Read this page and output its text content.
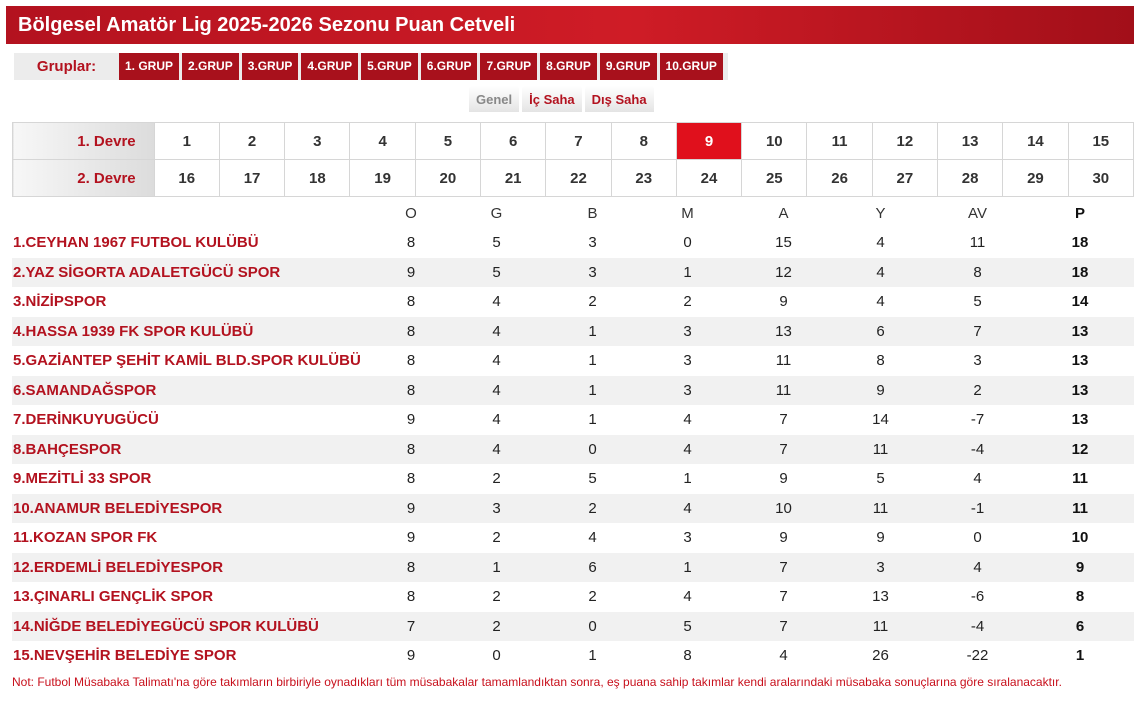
Bölgesel Amatör Lig 2025-2026 Sezonu Puan Cetveli
Gruplar:	1. GRUP	2.GRUP	3.GRUP	4.GRUP	5.GRUP	6.GRUP	7.GRUP	8.GRUP	9.GRUP	10.GRUP
Genel	İç Saha	Dış Saha
1. Devre	1	2	3	4	5	6	7	8	9	10	11	12	13	14	15
2. Devre	16	17	18	19	20	21	22	23	24	25	26	27	28	29	30
	O	G	B	M	A	Y	AV	P
1.CEYHAN 1967 FUTBOL KULÜBÜ	8	5	3	0	15	4	11	18
2.YAZ SİGORTA ADALETGÜCÜ SPOR	9	5	3	1	12	4	8	18
3.NİZİPSPOR	8	4	2	2	9	4	5	14
4.HASSA 1939 FK SPOR KULÜBÜ	8	4	1	3	13	6	7	13
5.GAZİANTEP ŞEHİT KAMİL BLD.SPOR KULÜBÜ	8	4	1	3	11	8	3	13
6.SAMANDAĞSPOR	8	4	1	3	11	9	2	13
7.DERİNKUYUGÜCÜ	9	4	1	4	7	14	-7	13
8.BAHÇESPOR	8	4	0	4	7	11	-4	12
9.MEZİTLİ 33 SPOR	8	2	5	1	9	5	4	11
10.ANAMUR BELEDİYESPOR	9	3	2	4	10	11	-1	11
11.KOZAN SPOR FK	9	2	4	3	9	9	0	10
12.ERDEMLİ BELEDİYESPOR	8	1	6	1	7	3	4	9
13.ÇINARLI GENÇLİK SPOR	8	2	2	4	7	13	-6	8
14.NİĞDE BELEDİYEGÜCÜ SPOR KULÜBÜ	7	2	0	5	7	11	-4	6
15.NEVŞEHİR BELEDİYE SPOR	9	0	1	8	4	26	-22	1
Not: Futbol Müsabaka Talimatı'na göre takımların birbiriyle oynadıkları tüm müsabakalar tamamlandıktan sonra, eş puana sahip takımlar kendi aralarındaki müsabaka sonuçlarına göre sıralanacaktır.
